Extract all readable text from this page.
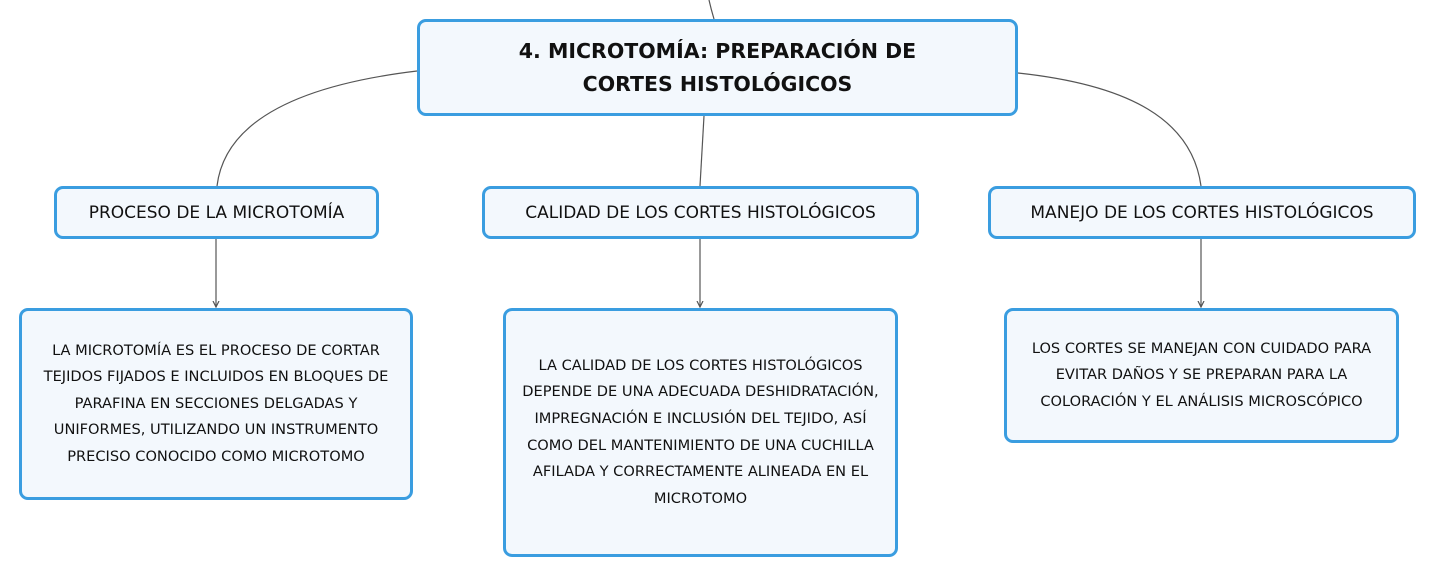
4. MICROTOMÍA: PREPARACIÓN DE CORTES HISTOLÓGICOS
PROCESO DE LA MICROTOMÍA	CALIDAD DE LOS CORTES HISTOLÓGICOS	MANEJO DE LOS CORTES HISTOLÓGICOS
LA MICROTOMÍA ES EL PROCESO DE CORTAR TEJIDOS FIJADOS E INCLUIDOS EN BLOQUES DE PARAFINA EN SECCIONES DELGADAS Y UNIFORMES, UTILIZANDO UN INSTRUMENTO PRECISO CONOCIDO COMO MICROTOMO
LA CALIDAD DE LOS CORTES HISTOLÓGICOS DEPENDE DE UNA ADECUADA DESHIDRATACIÓN, IMPREGNACIÓN E INCLUSIÓN DEL TEJIDO, ASÍ COMO DEL MANTENIMIENTO DE UNA CUCHILLA AFILADA Y CORRECTAMENTE ALINEADA EN EL MICROTOMO
LOS CORTES SE MANEJAN CON CUIDADO PARA EVITAR DAÑOS Y SE PREPARAN PARA LA COLORACIÓN Y EL ANÁLISIS MICROSCÓPICO
